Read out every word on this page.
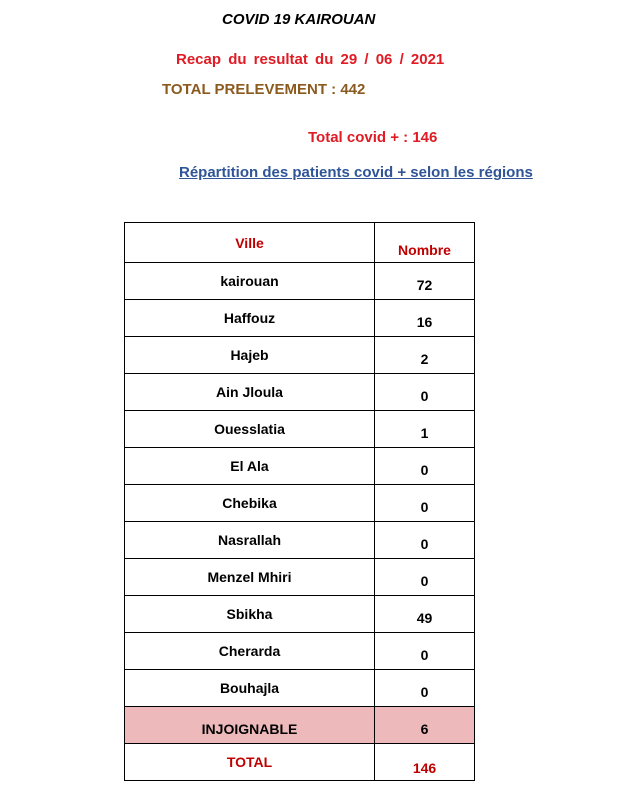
COVID 19 KAIROUAN
Recap du resultat du 29 / 06 / 2021
TOTAL PRELEVEMENT : 442
Total covid + : 146
Répartition des patients covid + selon les régions
Ville	Nombre
kairouan	72
Haffouz	16
Hajeb	2
Ain Jloula	0
Ouesslatia	1
El Ala	0
Chebika	0
Nasrallah	0
Menzel Mhiri	0
Sbikha	49
Cherarda	0
Bouhajla	0
INJOIGNABLE	6
TOTAL	146
